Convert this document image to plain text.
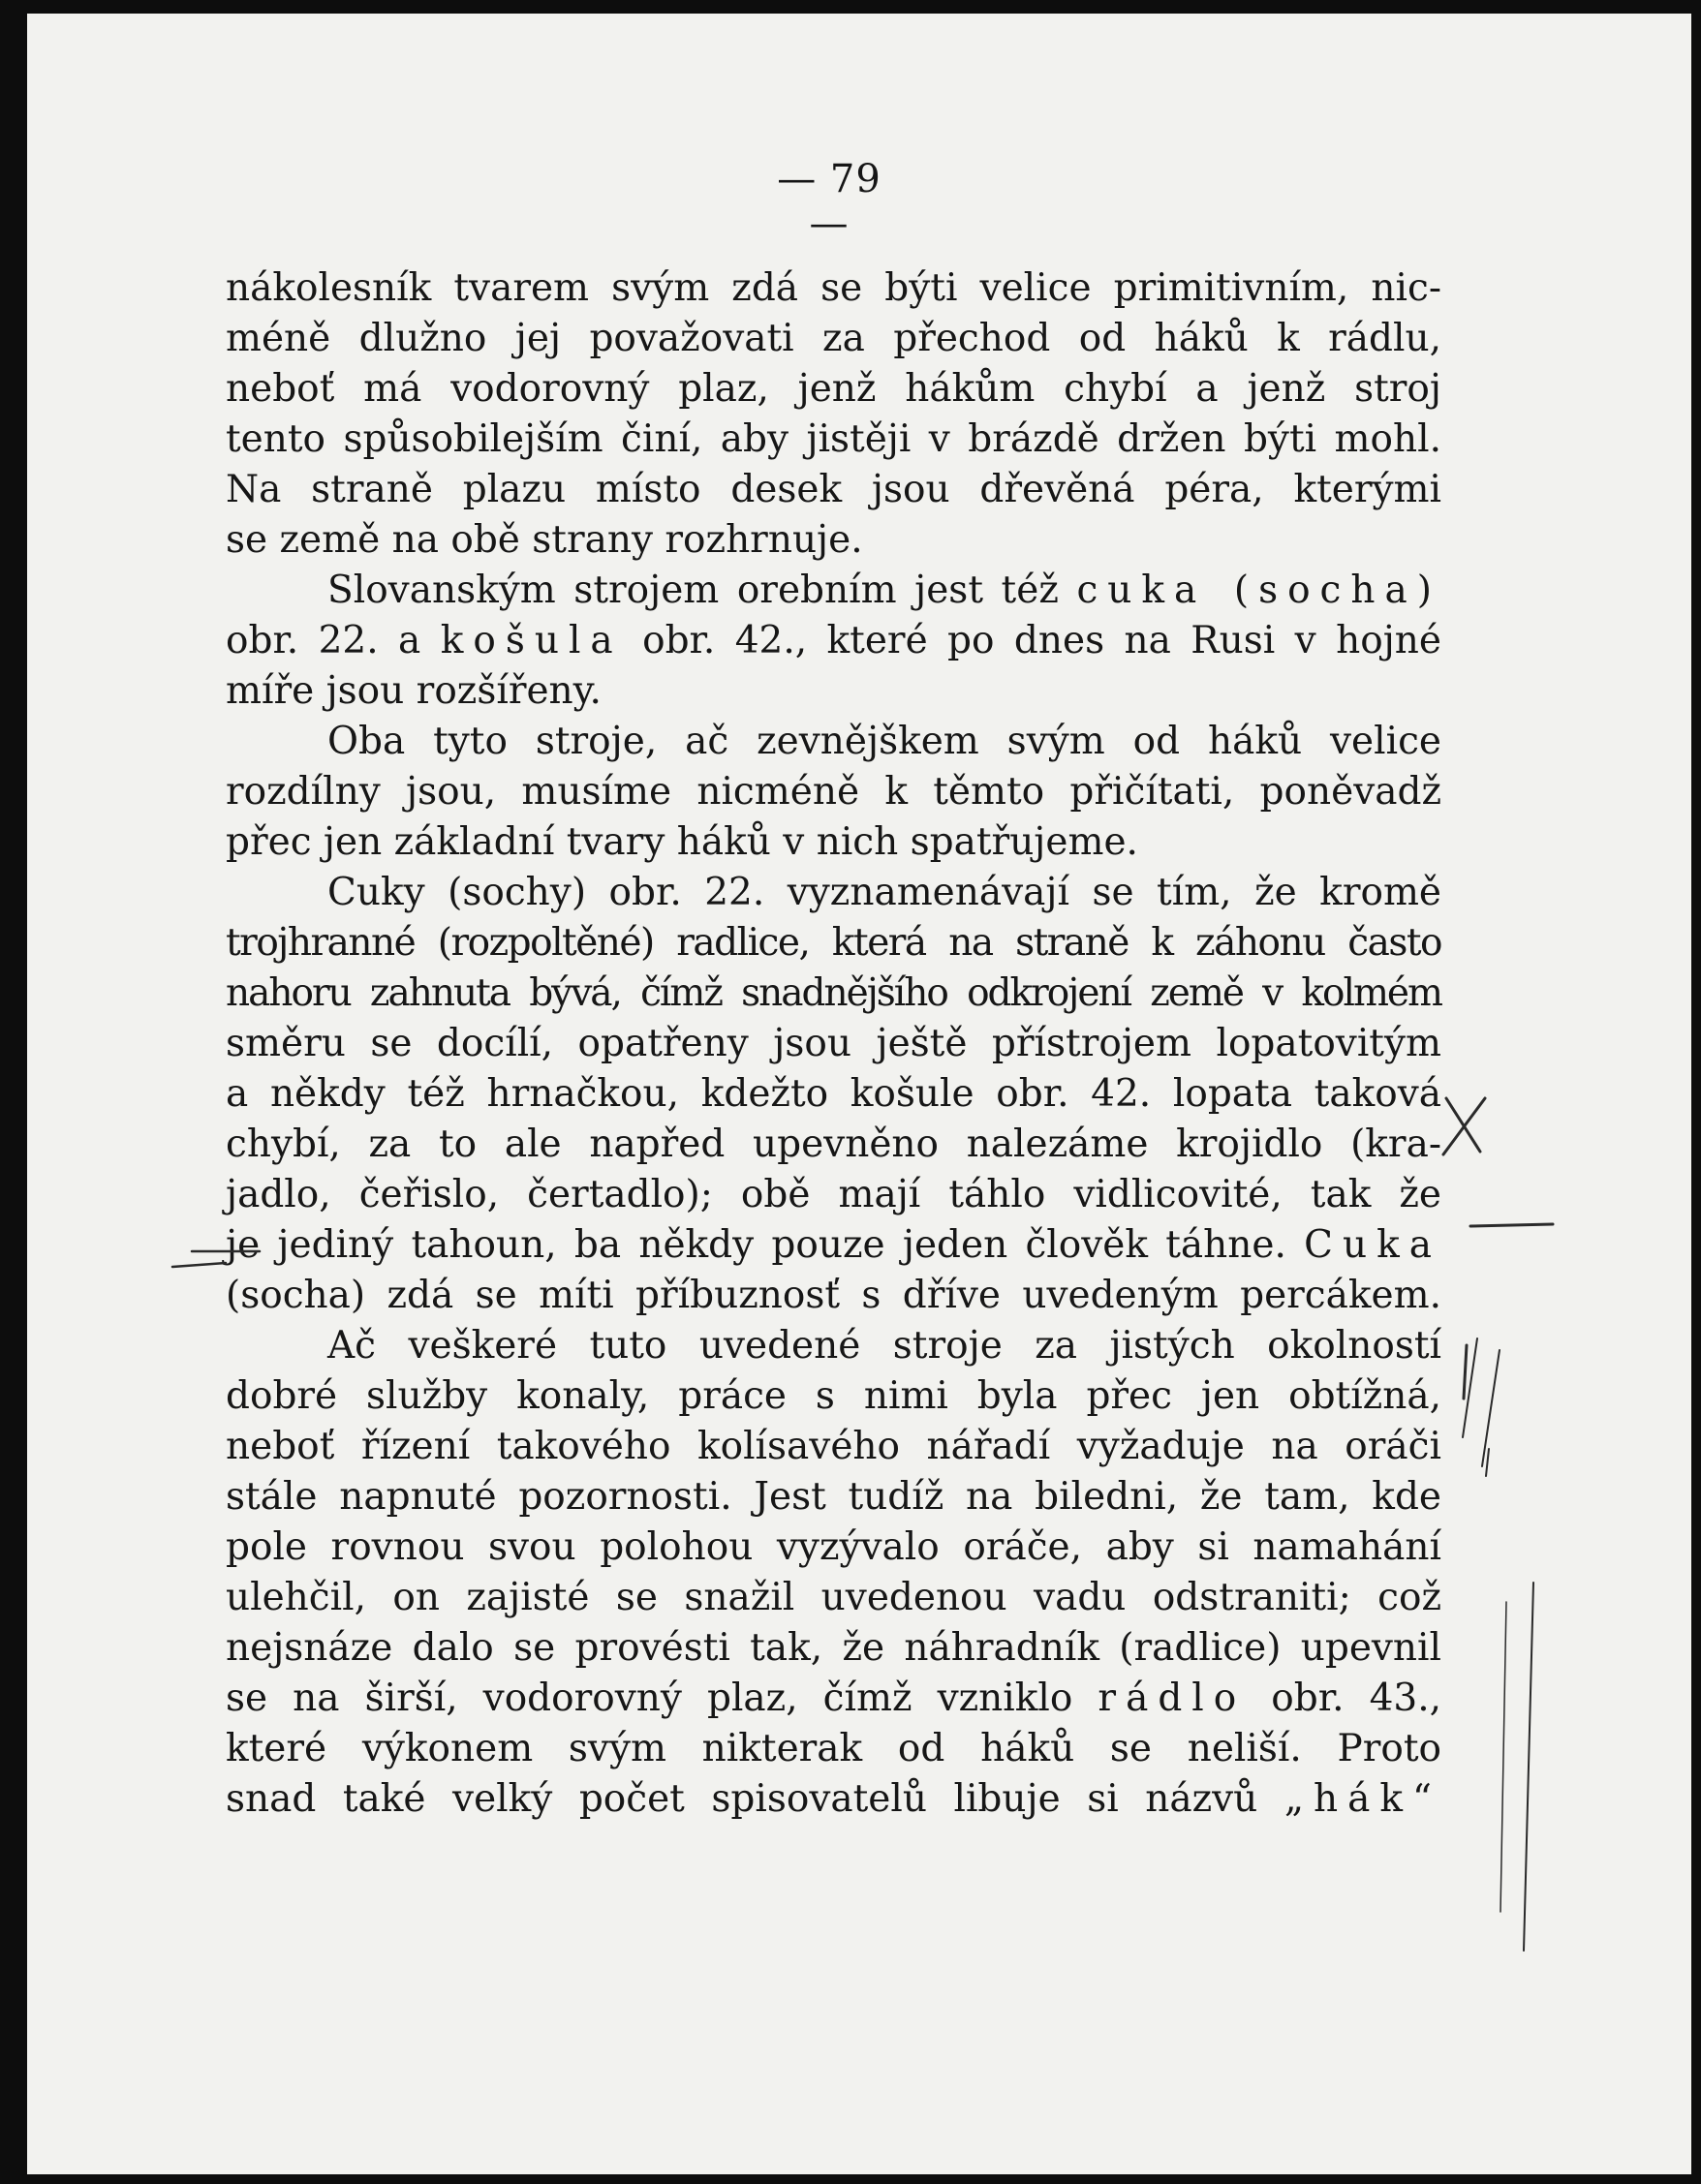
— 79 —
nákolesník tvarem svým zdá se býti velice primitivním, nic-
méně dlužno jej považovati za přechod od háků k rádlu,
neboť má vodorovný plaz, jenž hákům chybí a jenž stroj
tento spůsobilejším činí, aby jistěji v brázdě držen býti mohl.
Na straně plazu místo desek jsou dřevěná péra, kterými
se země na obě strany rozhrnuje.
Slovanským strojem orebním jest též cuka (socha)
obr. 22. a košula obr. 42., které po dnes na Rusi v hojné
míře jsou rozšířeny.
Oba tyto stroje, ač zevnějškem svým od háků velice
rozdílny jsou, musíme nicméně k těmto přičítati, poněvadž
přec jen základní tvary háků v nich spatřujeme.
Cuky (sochy) obr. 22. vyznamenávají se tím, že kromě
trojhranné (rozpoltěné) radlice, která na straně k záhonu často
nahoru zahnuta bývá, čímž snadnějšího odkrojení země v kolmém
směru se docílí, opatřeny jsou ještě přístrojem lopatovitým
a někdy též hrnačkou, kdežto košule obr. 42. lopata taková
chybí, za to ale napřed upevněno nalezáme krojidlo (kra-
jadlo, čeřislo, čertadlo); obě mají táhlo vidlicovité, tak že
je jediný tahoun, ba někdy pouze jeden člověk táhne. Cuka
(socha) zdá se míti příbuznosť s dříve uvedeným percákem.
Ač veškeré tuto uvedené stroje za jistých okolností
dobré služby konaly, práce s nimi byla přec jen obtížná,
neboť řízení takového kolísavého nářadí vyžaduje na oráči
stále napnuté pozornosti. Jest tudíž na biledni, že tam, kde
pole rovnou svou polohou vyzývalo oráče, aby si namahání
ulehčil, on zajisté se snažil uvedenou vadu odstraniti; což
nejsnáze dalo se provésti tak, že náhradník (radlice) upevnil
se na širší, vodorovný plaz, čímž vzniklo rádlo obr. 43.,
které výkonem svým nikterak od háků se neliší. Proto
snad také velký počet spisovatelů libuje si názvů „hák“
